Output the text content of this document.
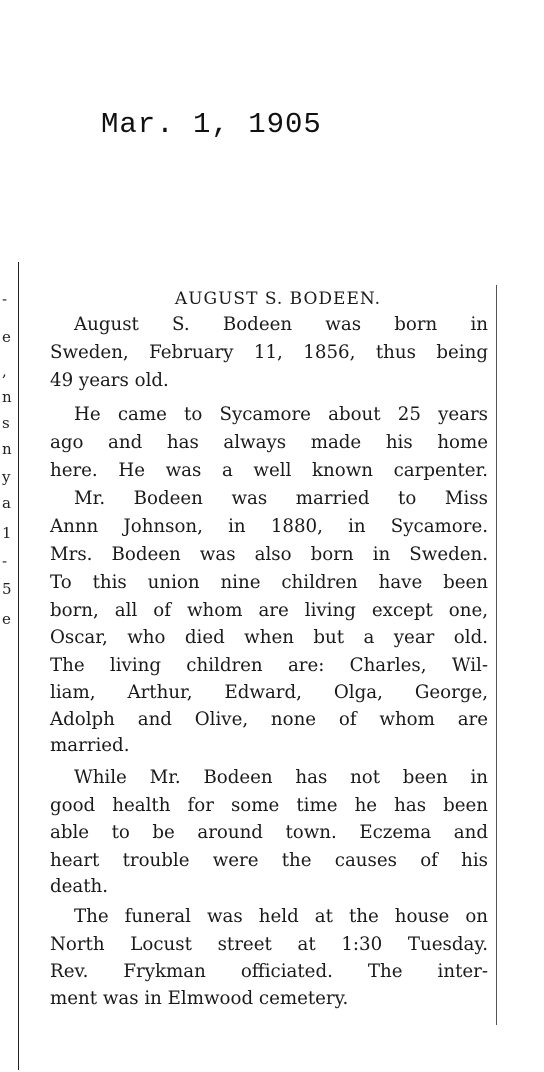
Mar. 1, 1905
-
e
,
n
s
n
y
a
1
-
5
e
AUGUST S. BODEEN.
August S. Bodeen was born in
Sweden, February 11, 1856, thus being
49 years old.
He came to Sycamore about 25 years
ago and has always made his home
here. He was a well known carpenter.
Mr. Bodeen was married to Miss
Annn Johnson, in 1880, in Sycamore.
Mrs. Bodeen was also born in Sweden.
To this union nine children have been
born, all of whom are living except one,
Oscar, who died when but a year old.
The living children are: Charles, Wil-
liam, Arthur, Edward, Olga, George,
Adolph and Olive, none of whom are
married.
While Mr. Bodeen has not been in
good health for some time he has been
able to be around town. Eczema and
heart trouble were the causes of his
death.
The funeral was held at the house on
North Locust street at 1:30 Tuesday.
Rev. Frykman officiated. The inter-
ment was in Elmwood cemetery.
